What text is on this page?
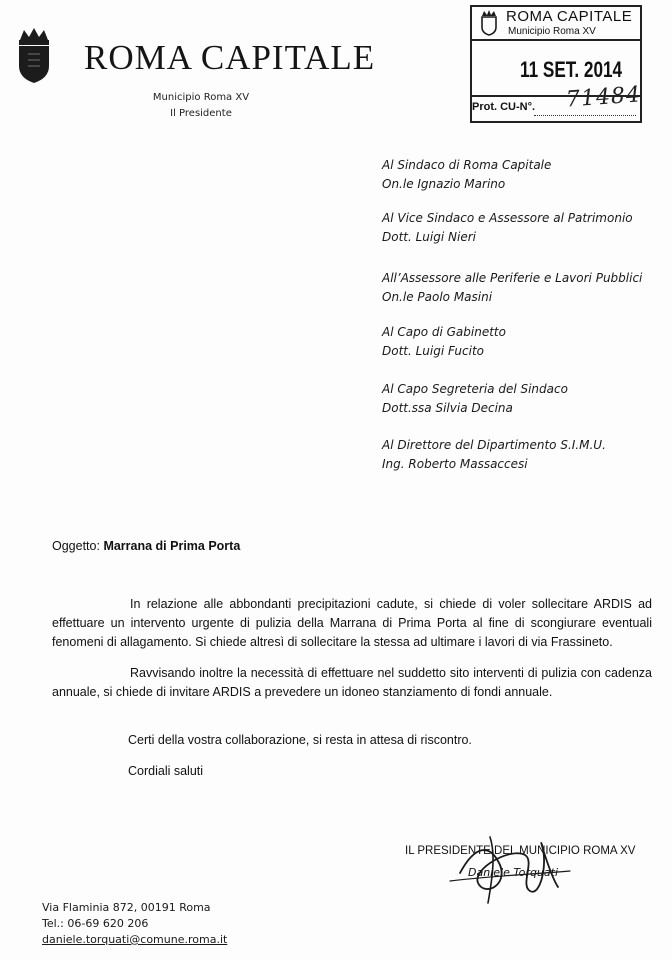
ROMA CAPITALE
Municipio Roma XV
Il Presidente
ROMA CAPITALE
Municipio Roma XV
11 SET. 2014
Prot. CU-N°. 71484
Al Sindaco di Roma Capitale
On.le Ignazio Marino
Al Vice Sindaco e Assessore al Patrimonio
Dott. Luigi Nieri
All’Assessore alle Periferie e Lavori Pubblici
On.le Paolo Masini
Al Capo di Gabinetto
Dott. Luigi Fucito
Al Capo Segreteria del Sindaco
Dott.ssa Silvia Decina
Al Direttore del Dipartimento S.I.M.U.
Ing. Roberto Massaccesi
Oggetto: Marrana di Prima Porta
In relazione alle abbondanti precipitazioni cadute, si chiede di voler sollecitare ARDIS ad effettuare un intervento urgente di pulizia della Marrana di Prima Porta al fine di scongiurare eventuali fenomeni di allagamento. Si chiede altresì di sollecitare la stessa ad ultimare i lavori di via Frassineto.
Ravvisando inoltre la necessità di effettuare nel suddetto sito interventi di pulizia con cadenza annuale, si chiede di invitare ARDIS a prevedere un idoneo stanziamento di fondi annuale.
Certi della vostra collaborazione, si resta in attesa di riscontro.
Cordiali saluti
IL PRESIDENTE DEL MUNICIPIO ROMA XV
Daniele Torquati
Via Flaminia 872, 00191 Roma
Tel.: 06-69 620 206
daniele.torquati@comune.roma.it
